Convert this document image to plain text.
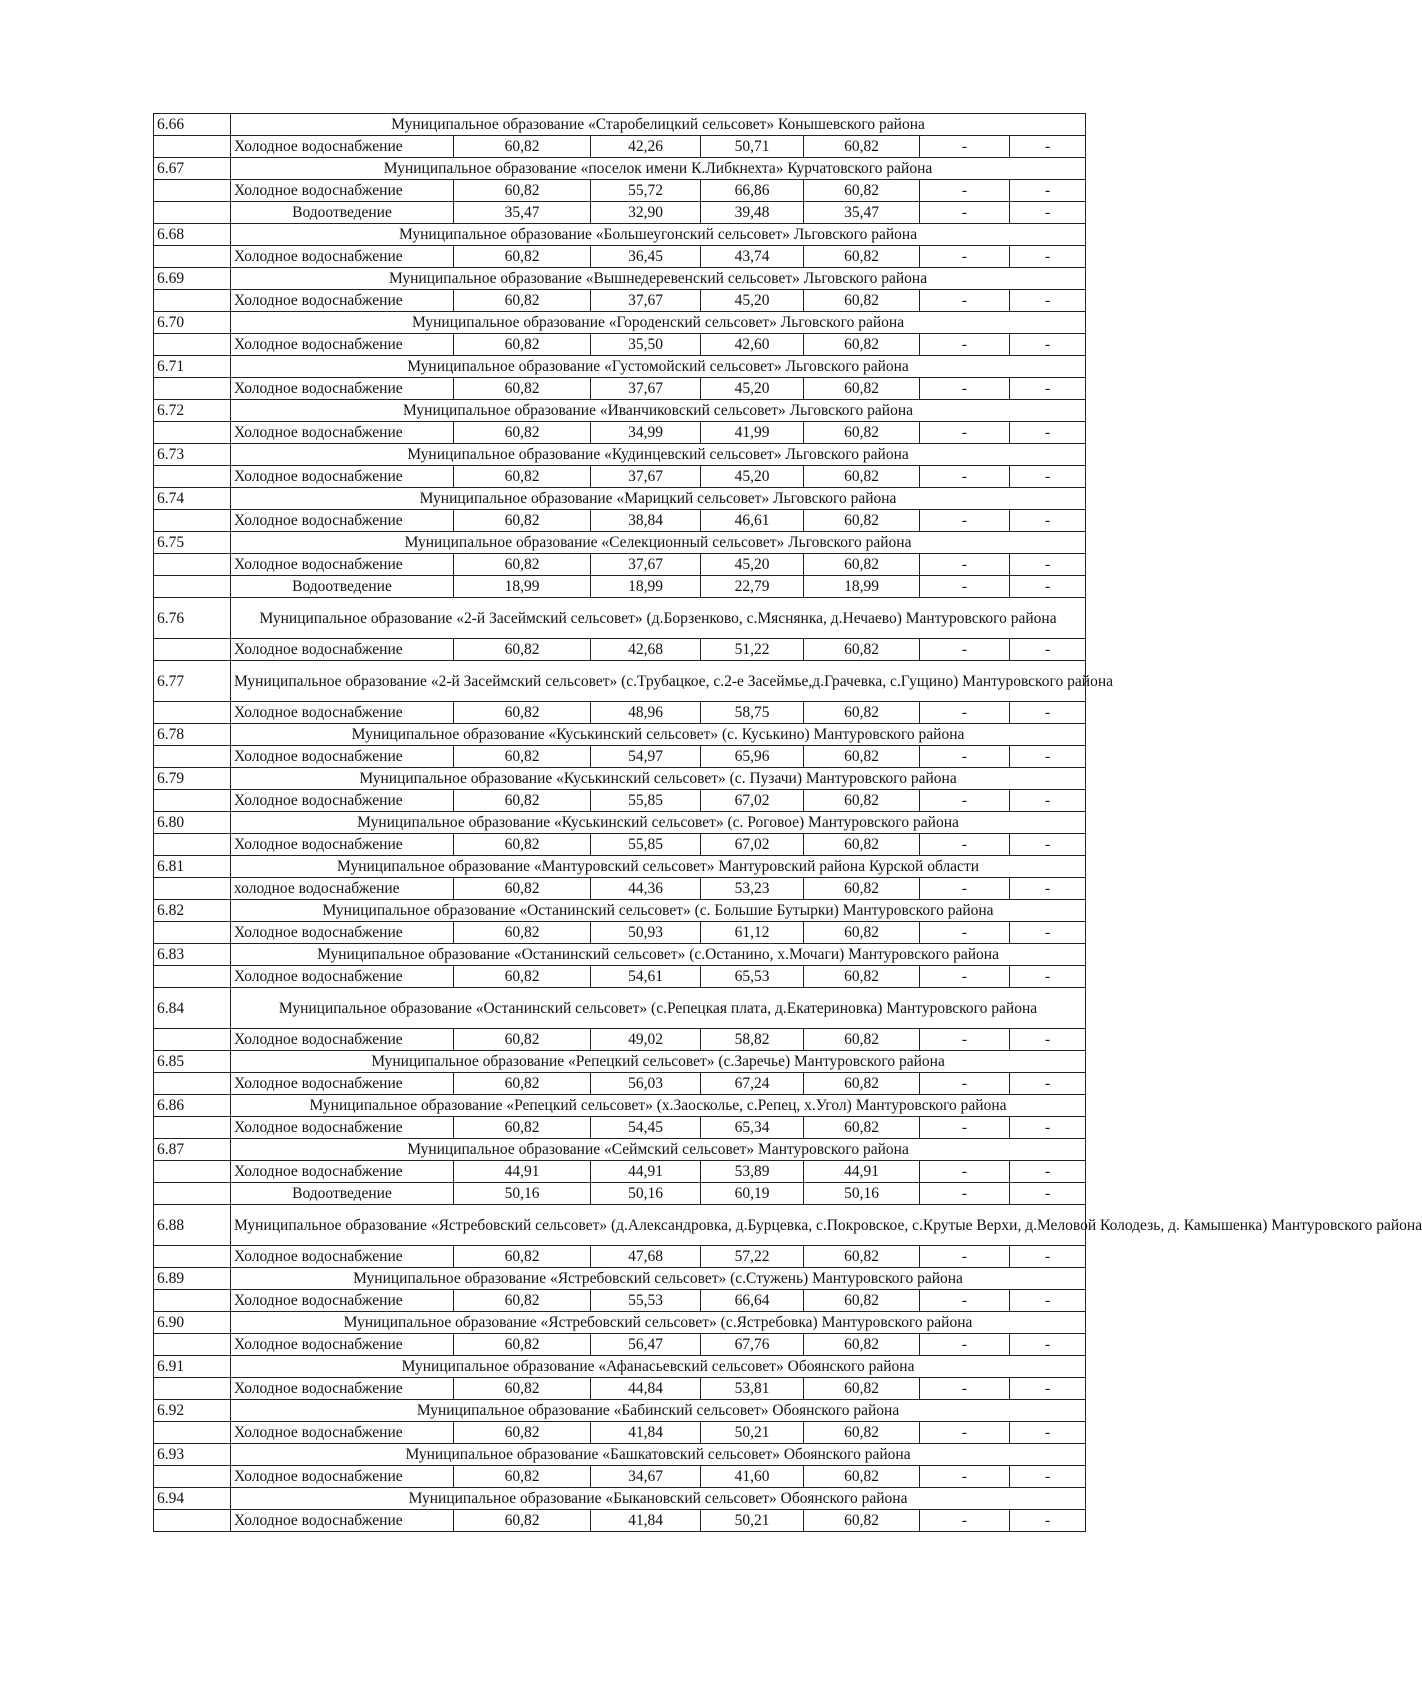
6.66	Муниципальное образование «Старобелицкий сельсовет» Конышевского района						
	Холодное водоснабжение	60,82	42,26	50,71	60,82	-	-
6.67	Муниципальное образование «поселок имени К.Либкнехта» Курчатовского района						
	Холодное водоснабжение	60,82	55,72	66,86	60,82	-	-
	Водоотведение	35,47	32,90	39,48	35,47	-	-
6.68	Муниципальное образование «Большеугонский сельсовет» Льговского района						
	Холодное водоснабжение	60,82	36,45	43,74	60,82	-	-
6.69	Муниципальное образование «Вышнедеревенский сельсовет» Льговского района						
	Холодное водоснабжение	60,82	37,67	45,20	60,82	-	-
6.70	Муниципальное образование «Городенский сельсовет» Льговского района						
	Холодное водоснабжение	60,82	35,50	42,60	60,82	-	-
6.71	Муниципальное образование «Густомойский сельсовет» Льговского района						
	Холодное водоснабжение	60,82	37,67	45,20	60,82	-	-
6.72	Муниципальное образование «Иванчиковский сельсовет» Льговского района						
	Холодное водоснабжение	60,82	34,99	41,99	60,82	-	-
6.73	Муниципальное образование «Кудинцевский сельсовет» Льговского района						
	Холодное водоснабжение	60,82	37,67	45,20	60,82	-	-
6.74	Муниципальное образование «Марицкий сельсовет» Льговского района						
	Холодное водоснабжение	60,82	38,84	46,61	60,82	-	-
6.75	Муниципальное образование «Селекционный сельсовет» Льговского района						
	Холодное водоснабжение	60,82	37,67	45,20	60,82	-	-
	Водоотведение	18,99	18,99	22,79	18,99	-	-
6.76	Муниципальное образование «2-й Засеймский сельсовет» (д.Борзенково, с.Мяснянка, д.Нечаево) Мантуровского района						
	Холодное водоснабжение	60,82	42,68	51,22	60,82	-	-
6.77	Муниципальное образование «2-й Засеймский сельсовет» (с.Трубацкое, с.2-е Засеймье,д.Грачевка, с.Гущино) Мантуровского района						
	Холодное водоснабжение	60,82	48,96	58,75	60,82	-	-
6.78	Муниципальное образование «Куськинский сельсовет» (с. Куськино) Мантуровского района						
	Холодное водоснабжение	60,82	54,97	65,96	60,82	-	-
6.79	Муниципальное образование «Куськинский сельсовет» (с. Пузачи) Мантуровского района						
	Холодное водоснабжение	60,82	55,85	67,02	60,82	-	-
6.80	Муниципальное образование «Куськинский сельсовет» (с. Роговое) Мантуровского района						
	Холодное водоснабжение	60,82	55,85	67,02	60,82	-	-
6.81	Муниципальное образование «Мантуровский сельсовет» Мантуровский района Курской области						
	холодное водоснабжение	60,82	44,36	53,23	60,82	-	-
6.82	Муниципальное образование «Останинский сельсовет» (с. Большие Бутырки) Мантуровского района						
	Холодное водоснабжение	60,82	50,93	61,12	60,82	-	-
6.83	Муниципальное образование «Останинский сельсовет» (с.Останино, х.Мочаги) Мантуровского района						
	Холодное водоснабжение	60,82	54,61	65,53	60,82	-	-
6.84	Муниципальное образование «Останинский сельсовет» (с.Репецкая плата, д.Екатериновка) Мантуровского района						
	Холодное водоснабжение	60,82	49,02	58,82	60,82	-	-
6.85	Муниципальное образование «Репецкий сельсовет» (с.Заречье) Мантуровского района						
	Холодное водоснабжение	60,82	56,03	67,24	60,82	-	-
6.86	Муниципальное образование «Репецкий сельсовет» (х.Заосколье, с.Репец, х.Угол) Мантуровского района						
	Холодное водоснабжение	60,82	54,45	65,34	60,82	-	-
6.87	Муниципальное образование «Сеймский сельсовет» Мантуровского района						
	Холодное водоснабжение	44,91	44,91	53,89	44,91	-	-
	Водоотведение	50,16	50,16	60,19	50,16	-	-
6.88	Муниципальное образование «Ястребовский сельсовет» (д.Александровка, д.Бурцевка, с.Покровское, с.Крутые Верхи, д.Меловой Колодезь, д. Камышенка) Мантуровского района						
	Холодное водоснабжение	60,82	47,68	57,22	60,82	-	-
6.89	Муниципальное образование «Ястребовский сельсовет» (с.Стужень) Мантуровского района						
	Холодное водоснабжение	60,82	55,53	66,64	60,82	-	-
6.90	Муниципальное образование «Ястребовский сельсовет» (с.Ястребовка) Мантуровского района						
	Холодное водоснабжение	60,82	56,47	67,76	60,82	-	-
6.91	Муниципальное образование «Афанасьевский сельсовет» Обоянского района						
	Холодное водоснабжение	60,82	44,84	53,81	60,82	-	-
6.92	Муниципальное образование «Бабинский сельсовет» Обоянского района						
	Холодное водоснабжение	60,82	41,84	50,21	60,82	-	-
6.93	Муниципальное образование «Башкатовский сельсовет» Обоянского района						
	Холодное водоснабжение	60,82	34,67	41,60	60,82	-	-
6.94	Муниципальное образование «Быкановский сельсовет» Обоянского района						
	Холодное водоснабжение	60,82	41,84	50,21	60,82	-	-
